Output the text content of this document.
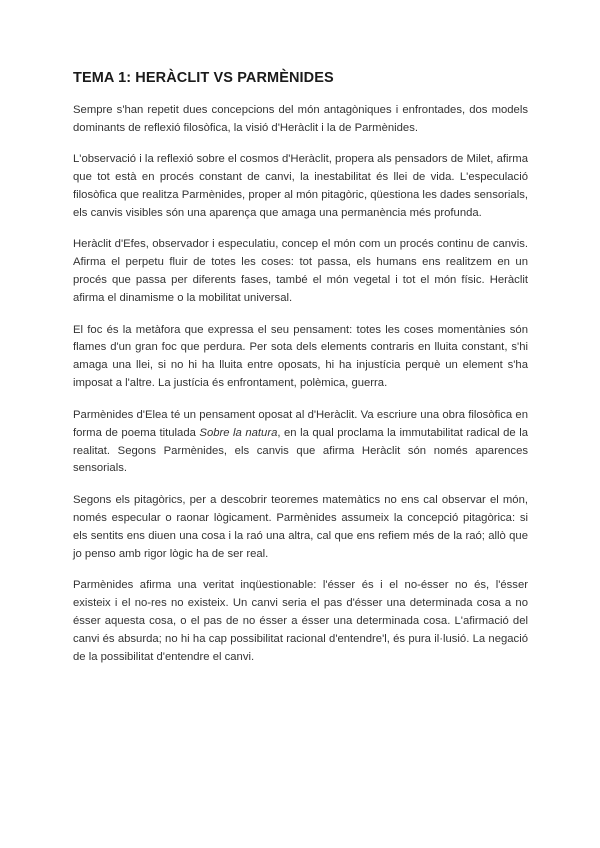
TEMA 1: HERÀCLIT VS PARMÈNIDES

Sempre s'han repetit dues concepcions del món antagòniques i enfrontades, dos models dominants de reflexió filosòfica, la visió d'Heràclit i la de Parmènides.

L'observació i la reflexió sobre el cosmos d'Heràclit, propera als pensadors de Milet, afirma que tot està en procés constant de canvi, la inestabilitat és llei de vida. L'especulació filosòfica que realitza Parmènides, proper al món pitagòric, qüestiona les dades sensorials, els canvis visibles són una aparença que amaga una permanència més profunda.

Heràclit d'Efes, observador i especulatiu, concep el món com un procés continu de canvis. Afirma el perpetu fluir de totes les coses: tot passa, els humans ens realitzem en un procés que passa per diferents fases, també el món vegetal i tot el món físic. Heràclit afirma el dinamisme o la mobilitat universal.

El foc és la metàfora que expressa el seu pensament: totes les coses momentànies són flames d'un gran foc que perdura. Per sota dels elements contraris en lluita constant, s'hi amaga una llei, si no hi ha lluita entre oposats, hi ha injustícia perquè un element s'ha imposat a l'altre. La justícia és enfrontament, polèmica, guerra.

Parmènides d'Elea té un pensament oposat al d'Heràclit. Va escriure una obra filosòfica en forma de poema titulada Sobre la natura, en la qual proclama la immutabilitat radical de la realitat. Segons Parmènides, els canvis que afirma Heràclit són només aparences sensorials.

Segons els pitagòrics, per a descobrir teoremes matemàtics no ens cal observar el món, només especular o raonar lògicament. Parmènides assumeix la concepció pitagòrica: si els sentits ens diuen una cosa i la raó una altra, cal que ens refiem més de la raó; allò que jo penso amb rigor lògic ha de ser real.

Parmènides afirma una veritat inqüestionable: l'ésser és i el no-ésser no és, l'ésser existeix i el no-res no existeix. Un canvi seria el pas d'ésser una determinada cosa a no ésser aquesta cosa, o el pas de no ésser a ésser una determinada cosa. L'afirmació del canvi és absurda; no hi ha cap possibilitat racional d'entendre'l, és pura il·lusió. La negació de la possibilitat d'entendre el canvi.
